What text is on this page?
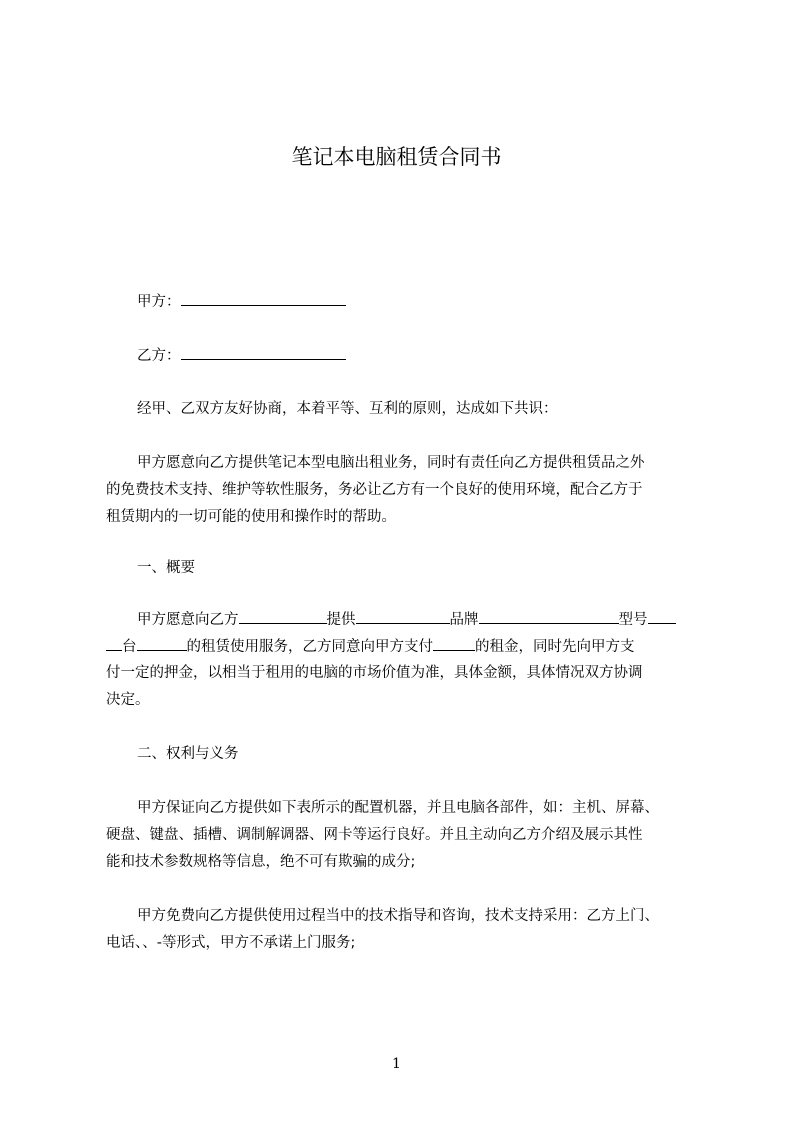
笔记本电脑租赁合同书
甲方：
乙方：
经甲、乙双方友好协商，本着平等、互利的原则，达成如下共识：
甲方愿意向乙方提供笔记本型电脑出租业务，同时有责任向乙方提供租赁品之外
的免费技术支持、维护等软性服务，务必让乙方有一个良好的使用环境，配合乙方于
租赁期内的一切可能的使用和操作时的帮助。
一、概要
甲方愿意向乙方	提供	品牌	型号
台	的租赁使用服务，乙方同意向甲方支付	的租金，同时先向甲方支
付一定的押金，以相当于租用的电脑的市场价值为准，具体金额，具体情况双方协调
决定。
二、权利与义务
甲方保证向乙方提供如下表所示的配置机器，并且电脑各部件，如：主机、屏幕、
硬盘、键盘、插槽、调制解调器、网卡等运行良好。并且主动向乙方介绍及展示其性
能和技术参数规格等信息，绝不可有欺骗的成分;
甲方免费向乙方提供使用过程当中的技术指导和咨询，技术支持采用：乙方上门、
电话、、-等形式，甲方不承诺上门服务;
1
